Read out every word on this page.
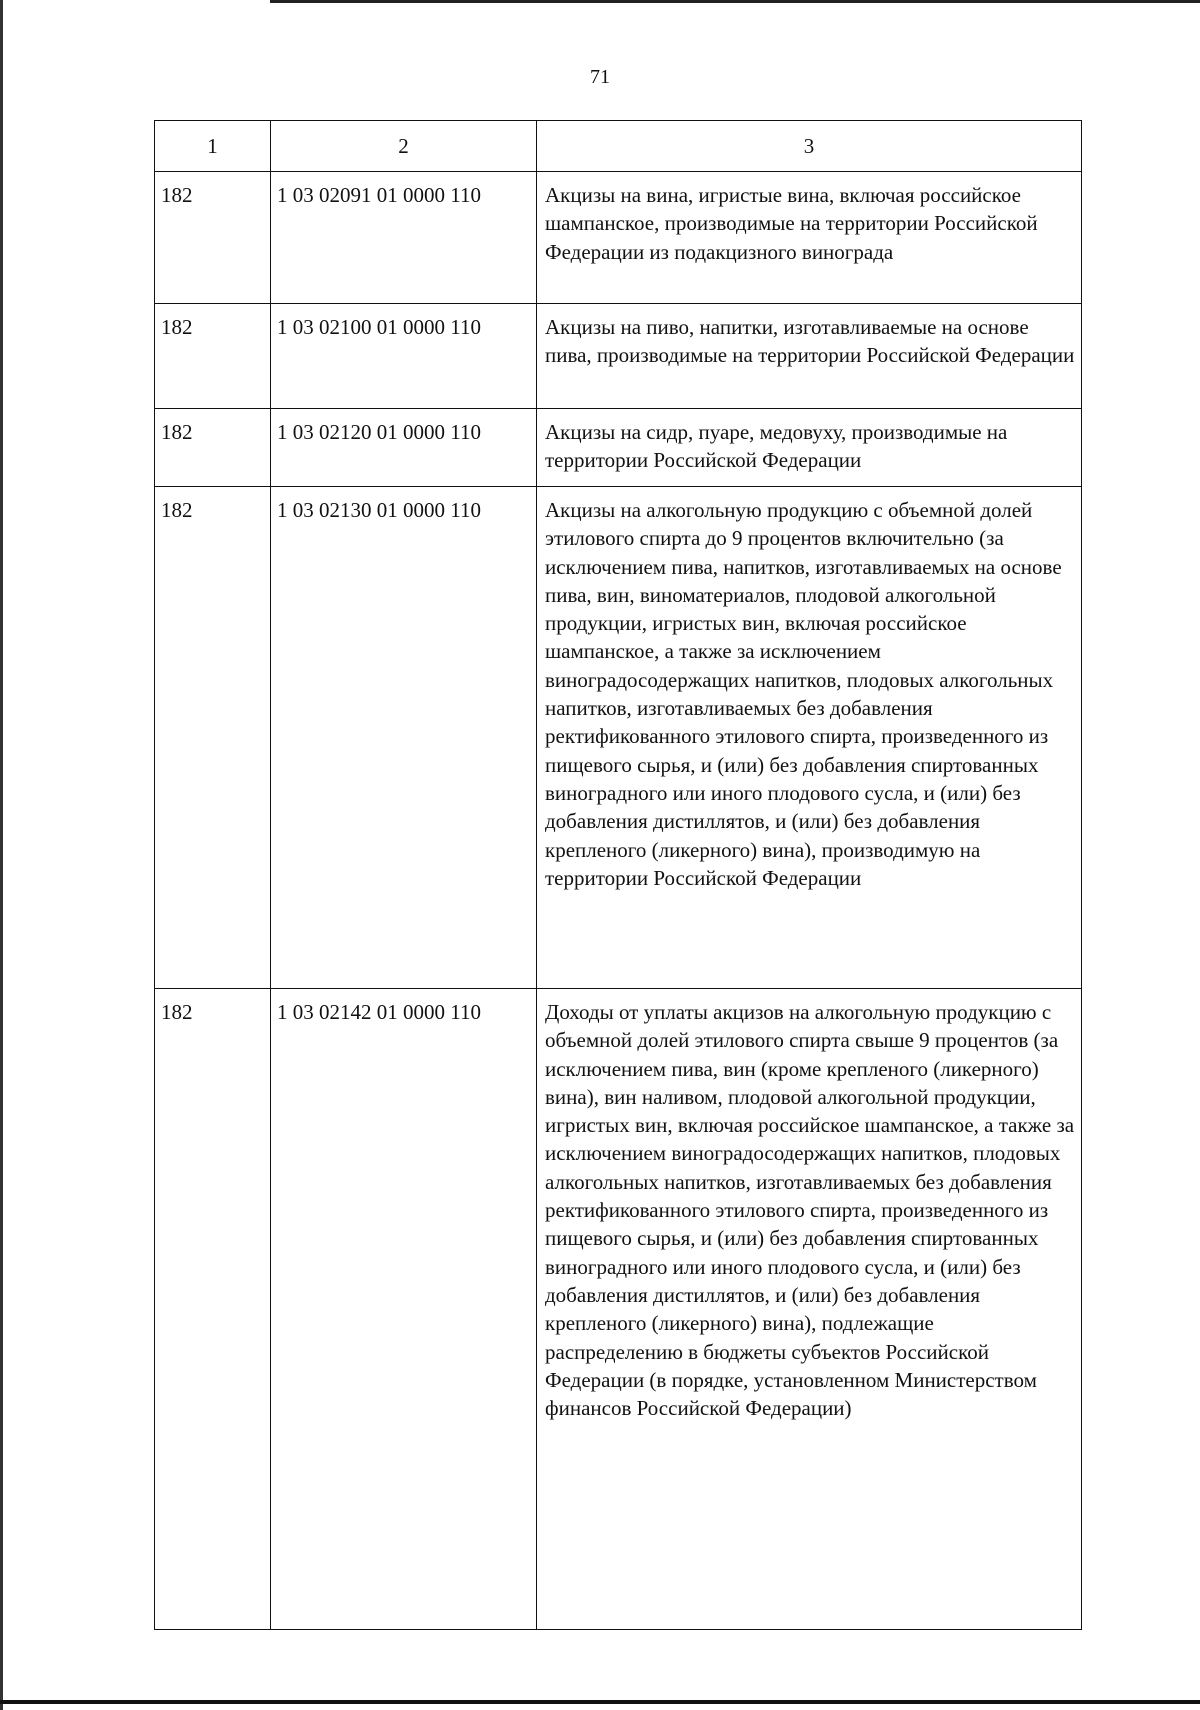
71
1	2	3
182	1 03 02091 01 0000 110	Акцизы на вина, игристые вина, включая российское шампанское, производимые на территории Российской Федерации из подакцизного винограда
182	1 03 02100 01 0000 110	Акцизы на пиво, напитки, изготавливаемые на основе пива, производимые на территории Российской Федерации
182	1 03 02120 01 0000 110	Акцизы на сидр, пуаре, медовуху, производимые на территории Российской Федерации
182	1 03 02130 01 0000 110	Акцизы на алкогольную продукцию с объемной долей этилового спирта до 9 процентов включительно (за исключением пива, напитков, изготавливаемых на основе пива, вин, виноматериалов, плодовой алкогольной продукции, игристых вин, включая российское шампанское, а также за исключением виноградосодержащих напитков, плодовых алкогольных напитков, изготавливаемых без добавления ректификованного этилового спирта, произведенного из пищевого сырья, и (или) без добавления спиртованных виноградного или иного плодового сусла, и (или) без добавления дистиллятов, и (или) без добавления крепленого (ликерного) вина), производимую на территории Российской Федерации
182	1 03 02142 01 0000 110	Доходы от уплаты акцизов на алкогольную продукцию с объемной долей этилового спирта свыше 9 процентов (за исключением пива, вин (кроме крепленого (ликерного) вина), вин наливом, плодовой алкогольной продукции, игристых вин, включая российское шампанское, а также за исключением виноградосодержащих напитков, плодовых алкогольных напитков, изготавливаемых без добавления ректификованного этилового спирта, произведенного из пищевого сырья, и (или) без добавления спиртованных виноградного или иного плодового сусла, и (или) без добавления дистиллятов, и (или) без добавления крепленого (ликерного) вина), подлежащие распределению в бюджеты субъектов Российской Федерации (в порядке, установленном Министерством финансов Российской Федерации)
